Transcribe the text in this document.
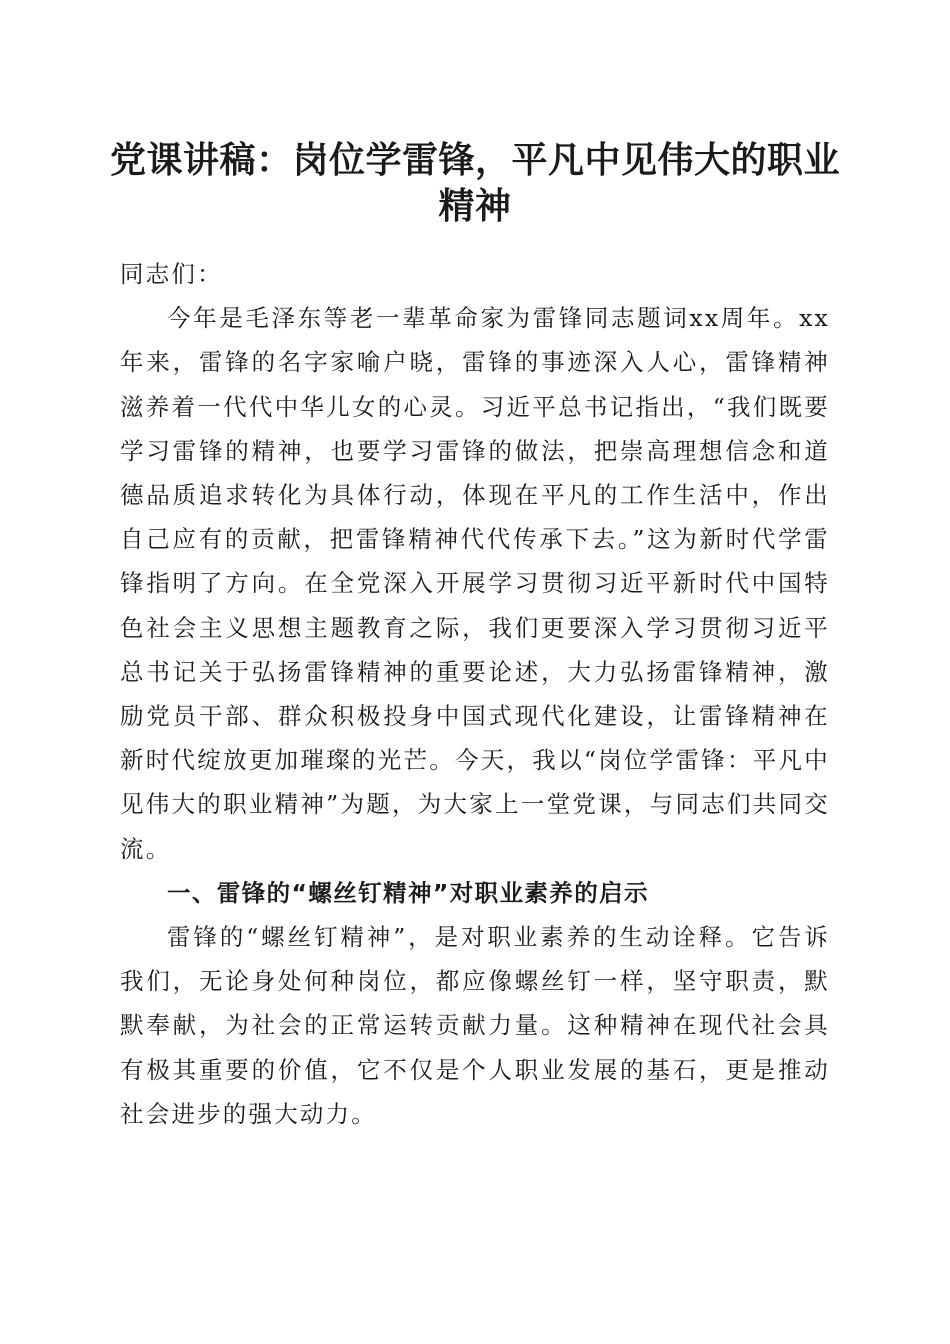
党课讲稿：岗位学雷锋，平凡中见伟大的职业精神

同志们：

今年是毛泽东等老一辈革命家为雷锋同志题词xx周年。xx年来，雷锋的名字家喻户晓，雷锋的事迹深入人心，雷锋精神滋养着一代代中华儿女的心灵。习近平总书记指出，“我们既要学习雷锋的精神，也要学习雷锋的做法，把崇高理想信念和道德品质追求转化为具体行动，体现在平凡的工作生活中，作出自己应有的贡献，把雷锋精神代代传承下去。”这为新时代学雷锋指明了方向。在全党深入开展学习贯彻习近平新时代中国特色社会主义思想主题教育之际，我们更要深入学习贯彻习近平总书记关于弘扬雷锋精神的重要论述，大力弘扬雷锋精神，激励党员干部、群众积极投身中国式现代化建设，让雷锋精神在新时代绽放更加璀璨的光芒。今天，我以“岗位学雷锋：平凡中见伟大的职业精神”为题，为大家上一堂党课，与同志们共同交流。

一、雷锋的“螺丝钉精神”对职业素养的启示

雷锋的“螺丝钉精神”，是对职业素养的生动诠释。它告诉我们，无论身处何种岗位，都应像螺丝钉一样，坚守职责，默默奉献，为社会的正常运转贡献力量。这种精神在现代社会具有极其重要的价值，它不仅是个人职业发展的基石，更是推动社会进步的强大动力。
